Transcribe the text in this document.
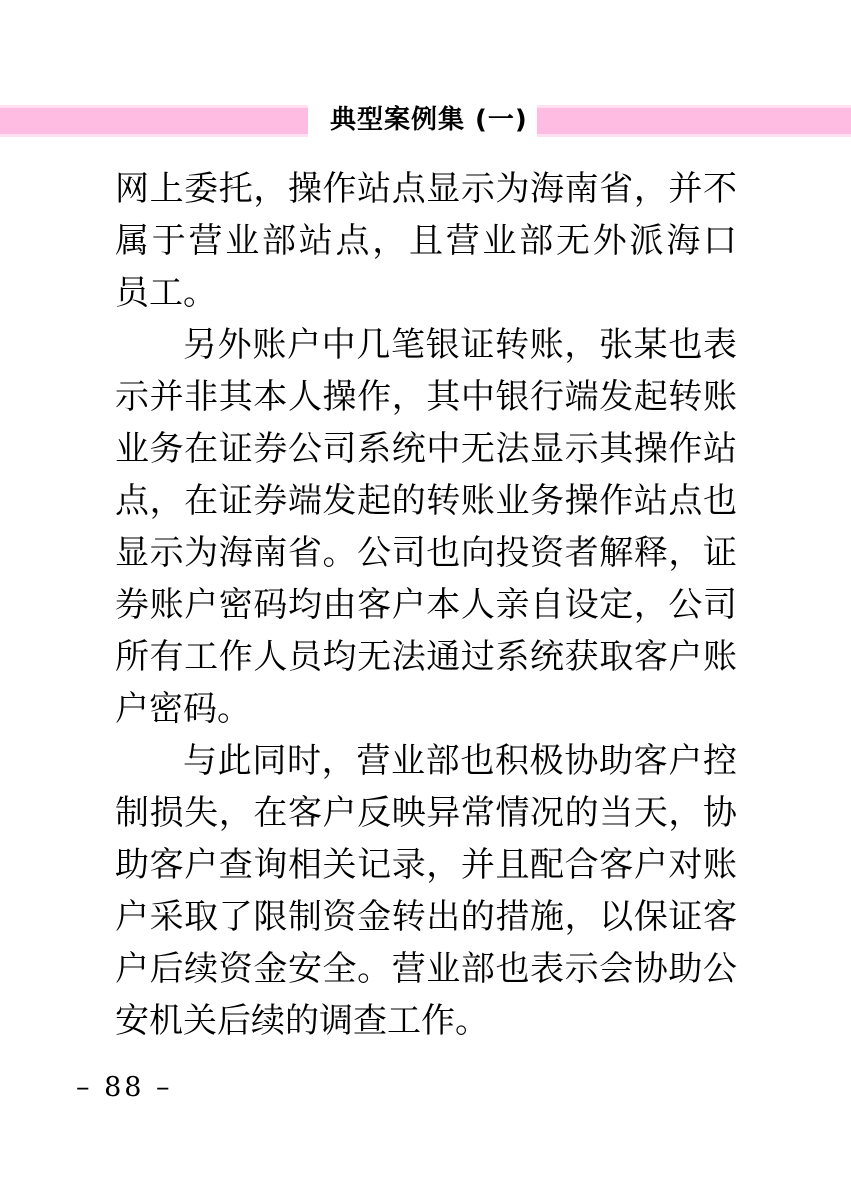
典型案例集 (一)
网上委托，操作站点显示为海南省，并不
属于营业部站点，且营业部无外派海口
员工。
另外账户中几笔银证转账，张某也表
示并非其本人操作，其中银行端发起转账
业务在证券公司系统中无法显示其操作站
点，在证券端发起的转账业务操作站点也
显示为海南省。公司也向投资者解释，证
券账户密码均由客户本人亲自设定，公司
所有工作人员均无法通过系统获取客户账
户密码。
与此同时，营业部也积极协助客户控
制损失，在客户反映异常情况的当天，协
助客户查询相关记录，并且配合客户对账
户采取了限制资金转出的措施，以保证客
户后续资金安全。营业部也表示会协助公
安机关后续的调查工作。
– 88 –
